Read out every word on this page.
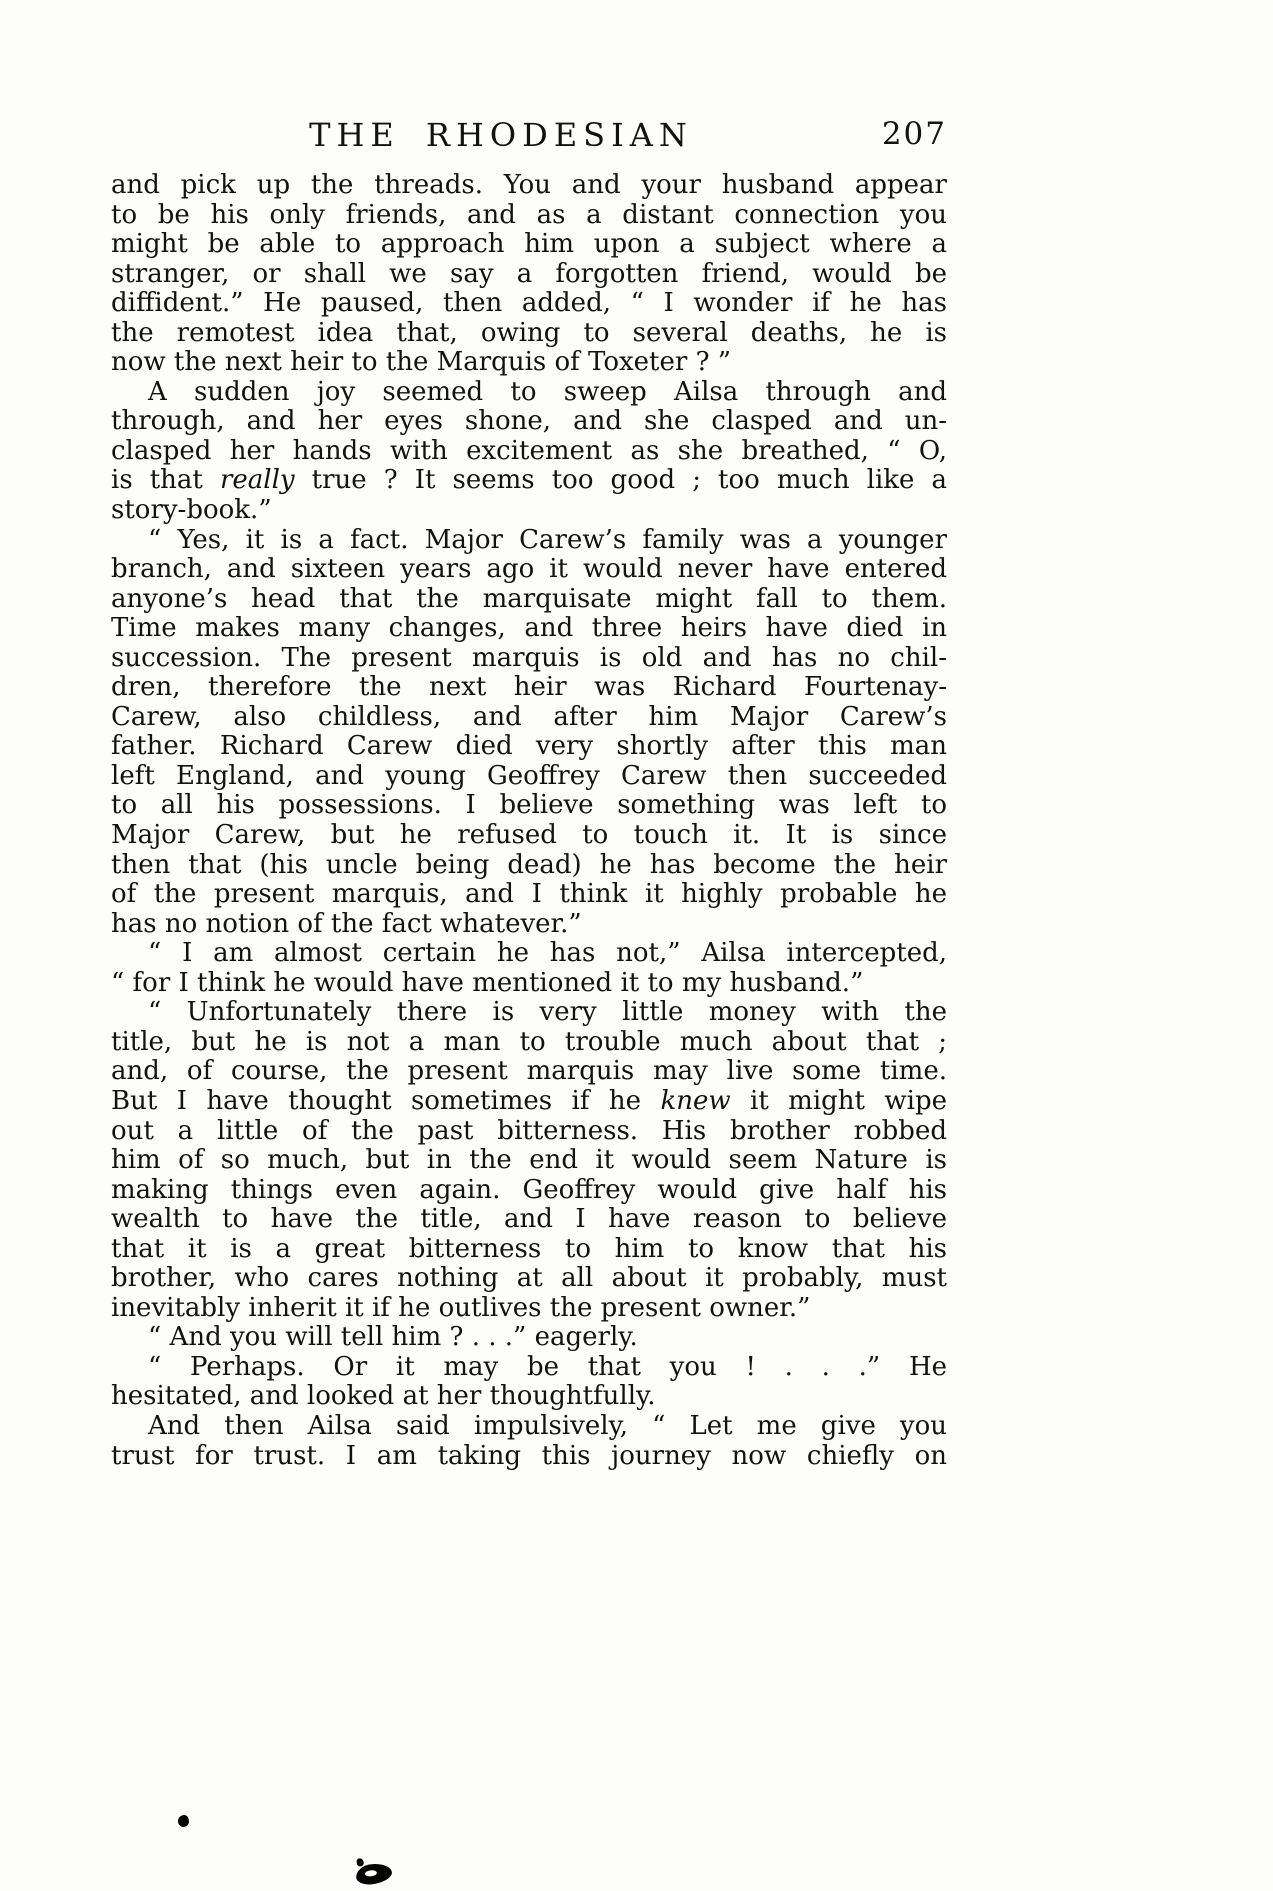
THE RHODESIAN	207
and pick up the threads. You and your husband appear
to be his only friends, and as a distant connection you
might be able to approach him upon a subject where a
stranger, or shall we say a forgotten friend, would be
diffident.” He paused, then added, “ I wonder if he has
the remotest idea that, owing to several deaths, he is
now the next heir to the Marquis of Toxeter ? ”
A sudden joy seemed to sweep Ailsa through and
through, and her eyes shone, and she clasped and un-
clasped her hands with excitement as she breathed, “ O,
is that really true ? It seems too good ; too much like a
story-book.”
“ Yes, it is a fact. Major Carew’s family was a younger
branch, and sixteen years ago it would never have entered
anyone’s head that the marquisate might fall to them.
Time makes many changes, and three heirs have died in
succession. The present marquis is old and has no chil-
dren, therefore the next heir was Richard Fourtenay-
Carew, also childless, and after him Major Carew’s
father. Richard Carew died very shortly after this man
left England, and young Geoffrey Carew then succeeded
to all his possessions. I believe something was left to
Major Carew, but he refused to touch it. It is since
then that (his uncle being dead) he has become the heir
of the present marquis, and I think it highly probable he
has no notion of the fact whatever.”
“ I am almost certain he has not,” Ailsa intercepted,
“ for I think he would have mentioned it to my husband.”
“ Unfortunately there is very little money with the
title, but he is not a man to trouble much about that ;
and, of course, the present marquis may live some time.
But I have thought sometimes if he knew it might wipe
out a little of the past bitterness. His brother robbed
him of so much, but in the end it would seem Nature is
making things even again. Geoffrey would give half his
wealth to have the title, and I have reason to believe
that it is a great bitterness to him to know that his
brother, who cares nothing at all about it probably, must
inevitably inherit it if he outlives the present owner.”
“ And you will tell him ? . . .” eagerly.
“ Perhaps. Or it may be that you ! . . .” He
hesitated, and looked at her thoughtfully.
And then Ailsa said impulsively, “ Let me give you
trust for trust. I am taking this journey now chiefly on
